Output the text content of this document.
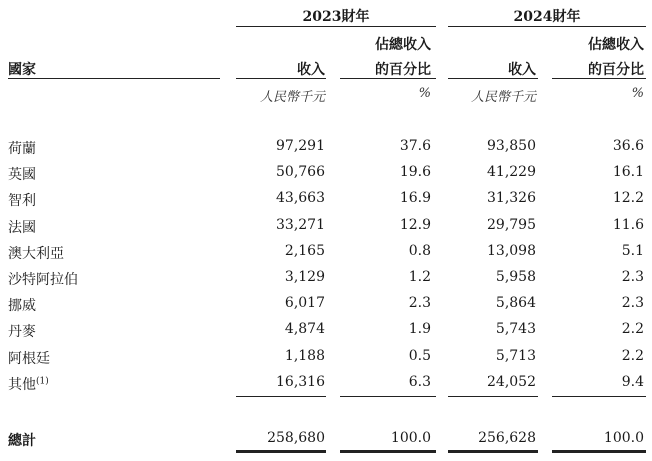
2023財年	2024財年
佔總收入	佔總收入
國家	收入	的百分比	收入	的百分比
人民幣千元	%	人民幣千元	%
荷蘭	97,291	37.6	93,850	36.6
英國	50,766	19.6	41,229	16.1
智利	43,663	16.9	31,326	12.2
法國	33,271	12.9	29,795	11.6
澳大利亞	2,165	0.8	13,098	5.1
沙特阿拉伯	3,129	1.2	5,958	2.3
挪威	6,017	2.3	5,864	2.3
丹麥	4,874	1.9	5,743	2.2
阿根廷	1,188	0.5	5,713	2.2
其他$^{(1)}$	16,316	6.3	24,052	9.4
總計	258,680	100.0	256,628	100.0
